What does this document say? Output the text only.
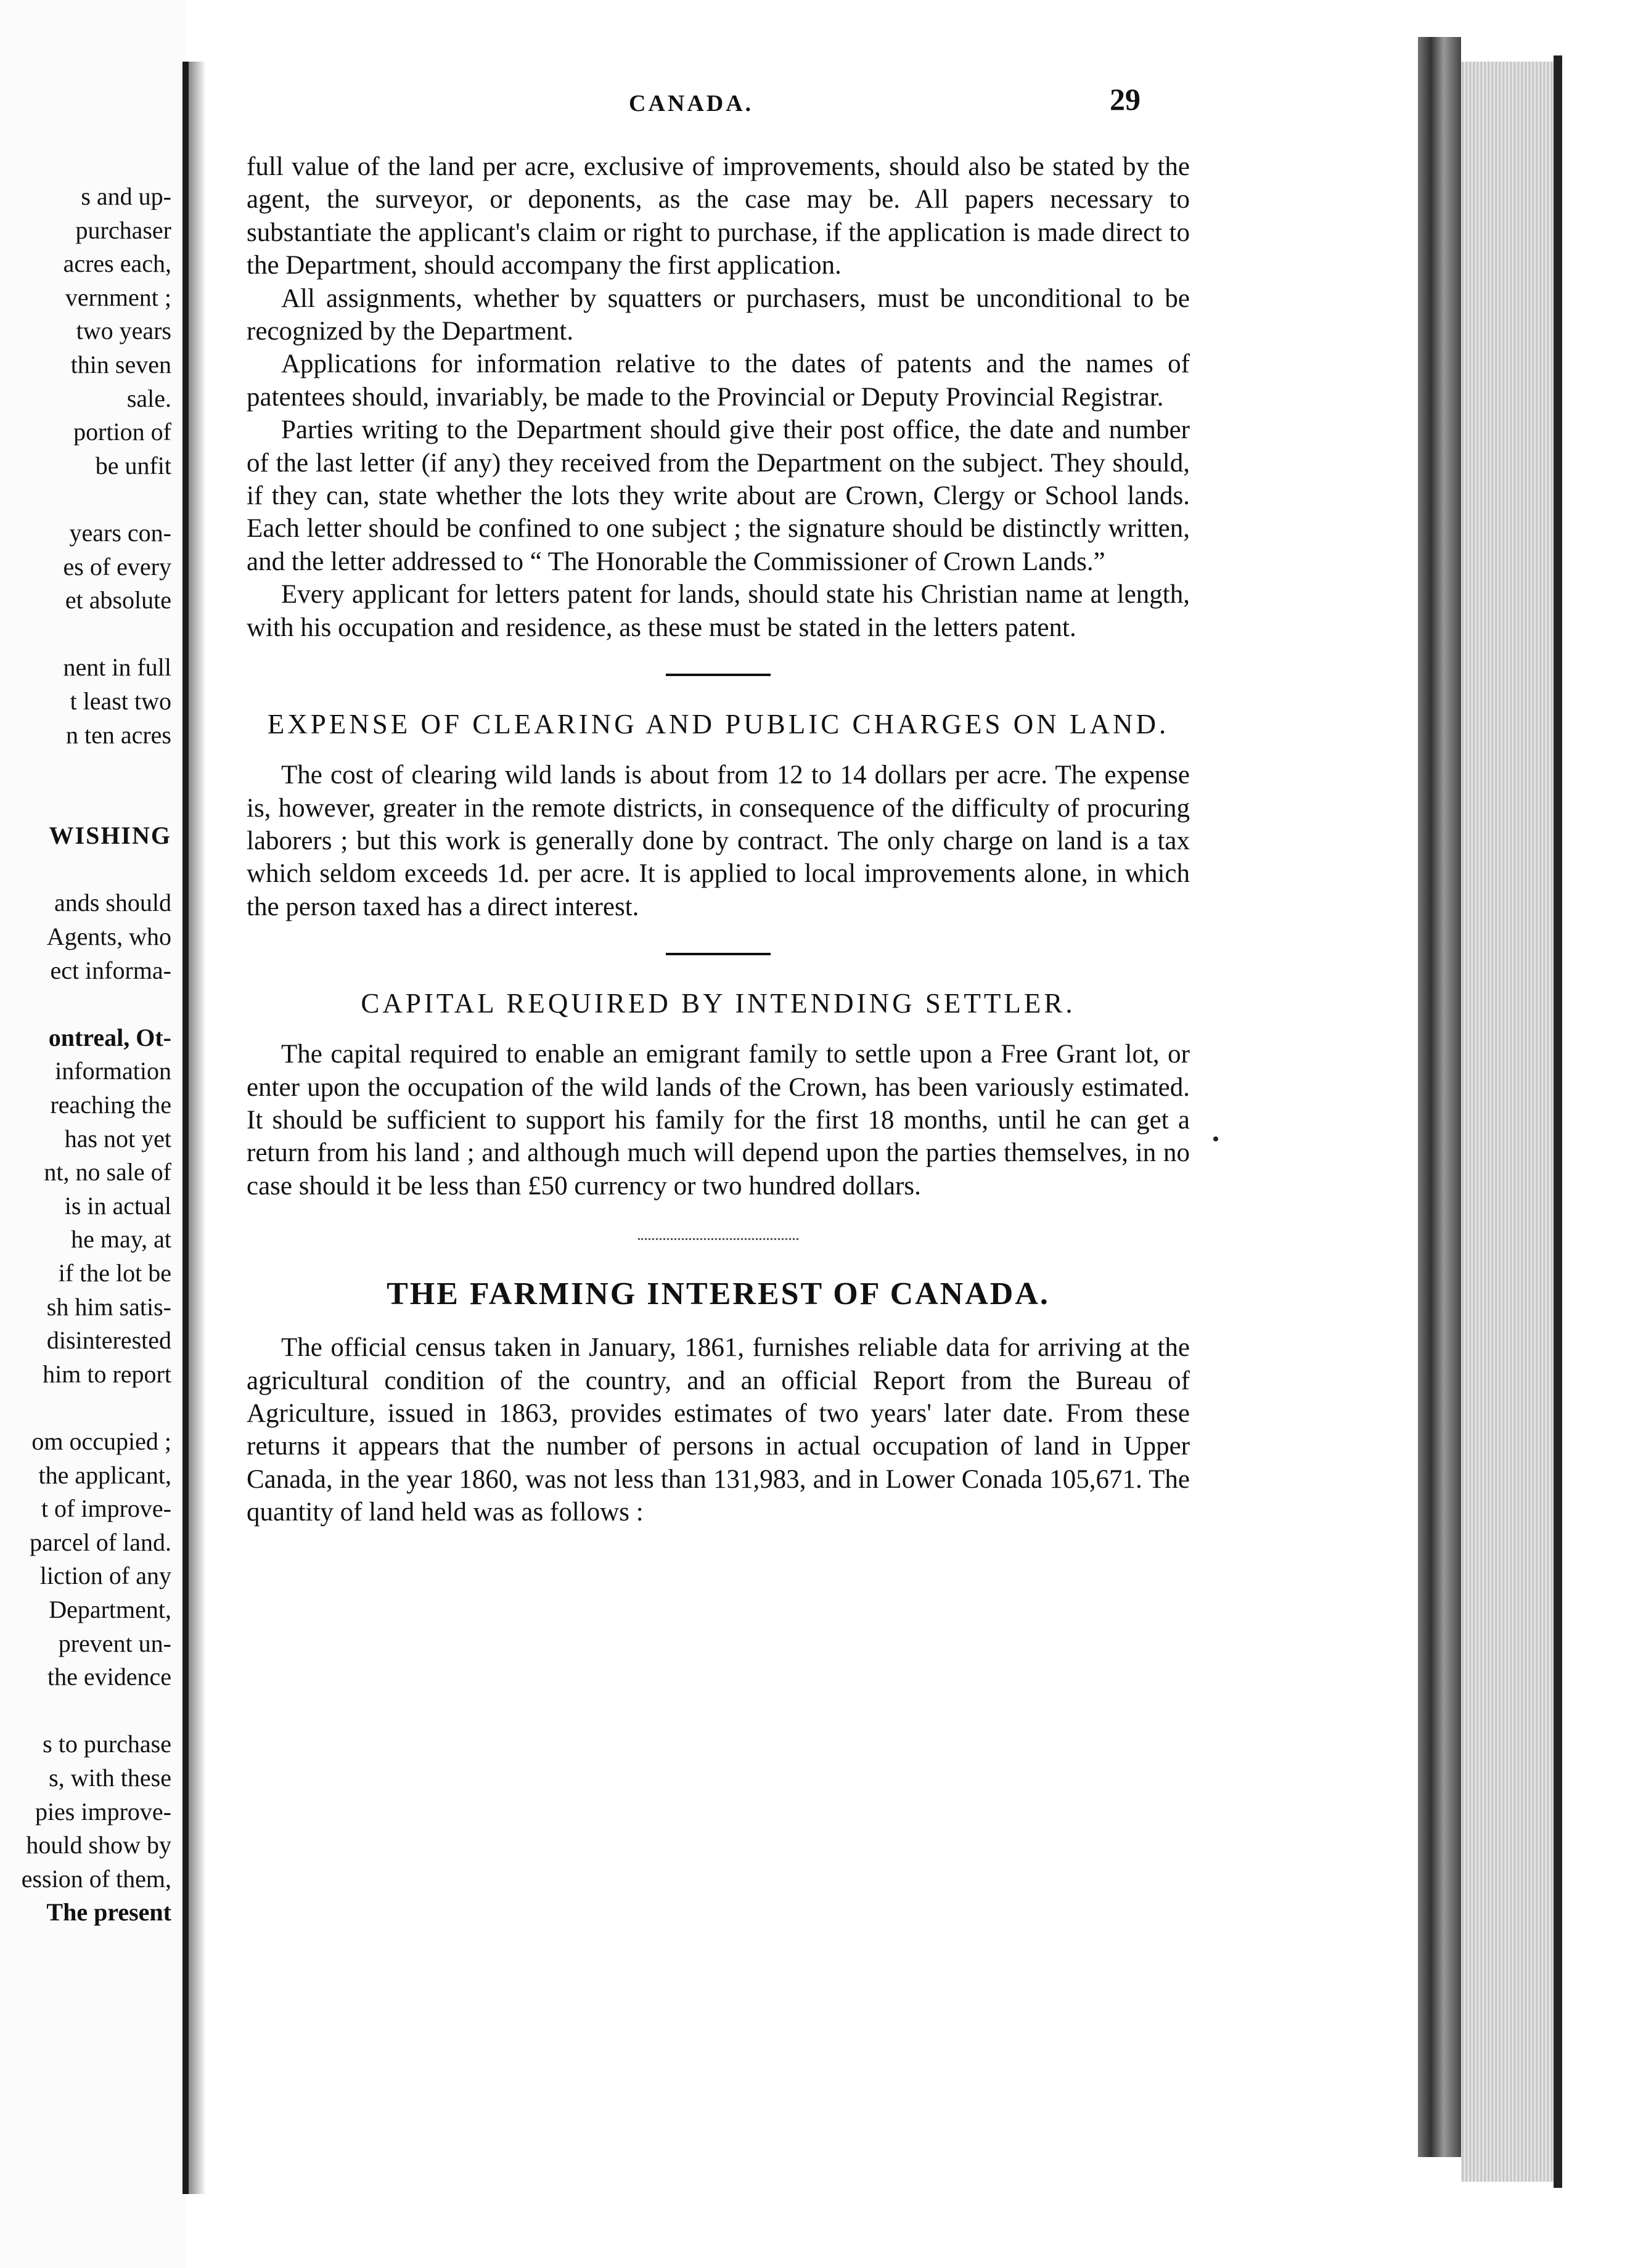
s and up-
purchaser
acres each,
vernment ;
two years
thin seven
sale.
portion of
be unfit
years con-
es of every
et absolute
nent in full
t least two
n ten acres
WISHING
ands should
Agents, who
ect informa-
ontreal, Ot-
information
reaching the
has not yet
nt, no sale of
is in actual
he may, at
if the lot be
sh him satis-
disinterested
him to report
om occupied ;
the applicant,
t of improve-
parcel of land.
liction of any
Department,
prevent un-
the evidence
s to purchase
s, with these
pies improve-
hould show by
ession of them,
The present
CANADA.	29

full value of the land per acre, exclusive of improvements, should also be stated by the agent, the surveyor, or deponents, as the case may be. All papers necessary to substantiate the applicant's claim or right to purchase, if the application is made direct to the Department, should accompany the first application.

All assignments, whether by squatters or purchasers, must be unconditional to be recognized by the Department.

Applications for information relative to the dates of patents and the names of patentees should, invariably, be made to the Provincial or Deputy Provincial Registrar.

Parties writing to the Department should give their post office, the date and number of the last letter (if any) they received from the Department on the subject. They should, if they can, state whether the lots they write about are Crown, Clergy or School lands. Each letter should be confined to one subject ; the signature should be distinctly written, and the letter addressed to “ The Honorable the Commissioner of Crown Lands.”

Every applicant for letters patent for lands, should state his Christian name at length, with his occupation and residence, as these must be stated in the letters patent.

EXPENSE OF CLEARING AND PUBLIC CHARGES ON LAND.

The cost of clearing wild lands is about from 12 to 14 dollars per acre. The expense is, however, greater in the remote districts, in consequence of the difficulty of procuring laborers ; but this work is generally done by contract. The only charge on land is a tax which seldom exceeds 1d. per acre. It is applied to local improvements alone, in which the person taxed has a direct interest.

CAPITAL REQUIRED BY INTENDING SETTLER.

The capital required to enable an emigrant family to settle upon a Free Grant lot, or enter upon the occupation of the wild lands of the Crown, has been variously estimated. It should be sufficient to support his family for the first 18 months, until he can get a return from his land ; and although much will depend upon the parties themselves, in no case should it be less than £50 currency or two hundred dollars.

THE FARMING INTEREST OF CANADA.

The official census taken in January, 1861, furnishes reliable data for arriving at the agricultural condition of the country, and an official Report from the Bureau of Agriculture, issued in 1863, provides estimates of two years' later date. From these returns it appears that the number of persons in actual occupation of land in Upper Canada, in the year 1860, was not less than 131,983, and in Lower Conada 105,671. The quantity of land held was as follows :
